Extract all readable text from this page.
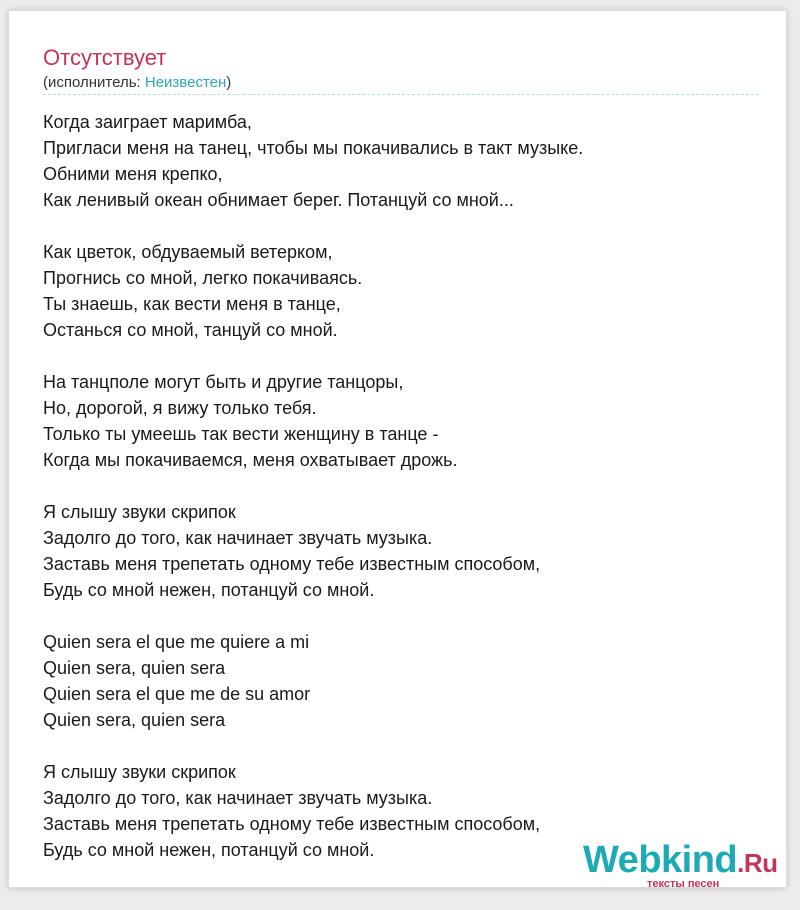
Отсутствует
(исполнитель: Неизвестен)
Когда заиграет маримба,
Пригласи меня на танец, чтобы мы покачивались в такт музыке.
Обними меня крепко,
Как ленивый океан обнимает берег. Потанцуй со мной...
Как цветок, обдуваемый ветерком,
Прогнись со мной, легко покачиваясь.
Ты знаешь, как вести меня в танце,
Останься со мной, танцуй со мной.
На танцполе могут быть и другие танцоры,
Но, дорогой, я вижу только тебя.
Только ты умеешь так вести женщину в танце -
Когда мы покачиваемся, меня охватывает дрожь.
Я слышу звуки скрипок
Задолго до того, как начинает звучать музыка.
Заставь меня трепетать одному тебе известным способом,
Будь со мной нежен, потанцуй со мной.
Quien sera el que me quiere a mi
Quien sera, quien sera
Quien sera el que me de su amor
Quien sera, quien sera
Я слышу звуки скрипок
Задолго до того, как начинает звучать музыка.
Заставь меня трепетать одному тебе известным способом,
Будь со мной нежен, потанцуй со мной.	Webkind.Ru
тексты песен
